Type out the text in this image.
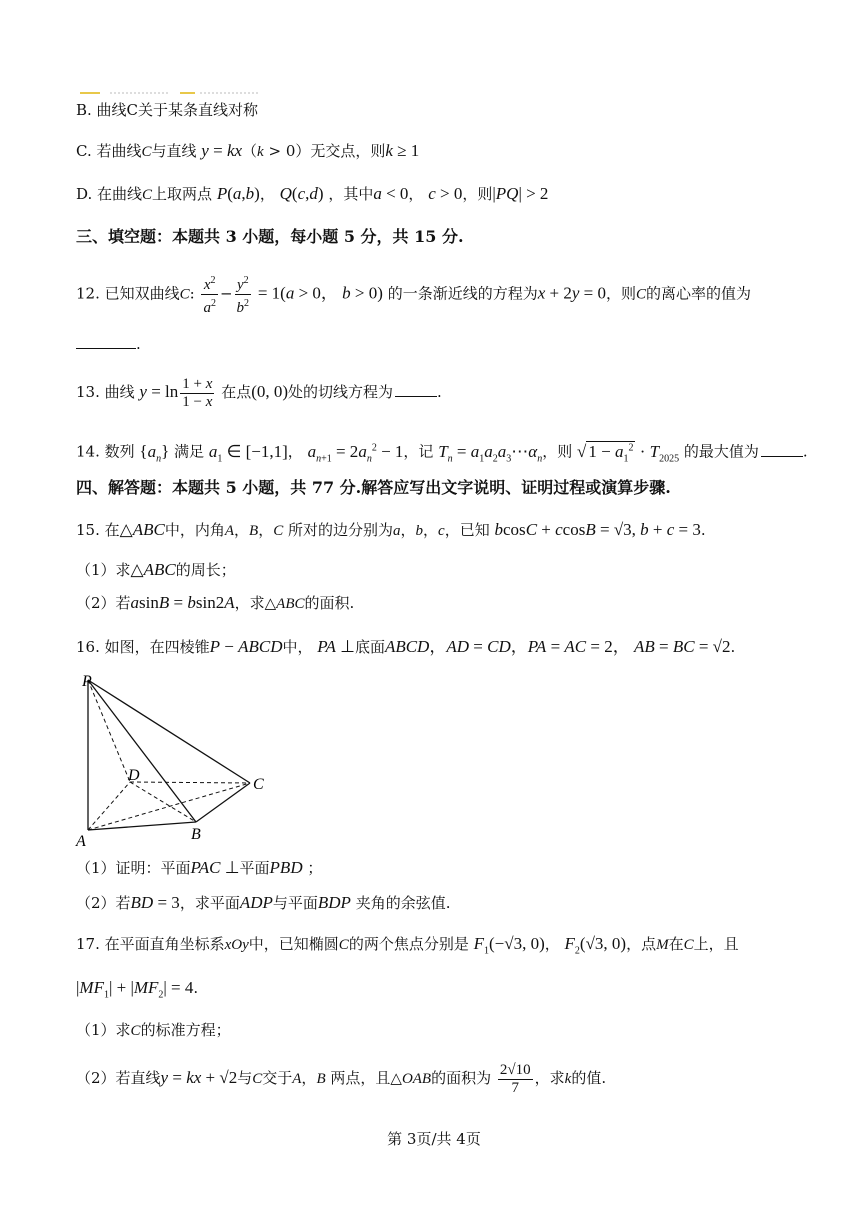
B. 曲线C关于某条直线对称
C. 若曲线C与直线 y = kx（k > 0）无交点，则k ≥ 1
D. 在曲线C上取两点 P(a,b)， Q(c,d) ，其中a < 0， c > 0，则|PQ| > 2
三、填空题：本题共 3 小题，每小题 5 分，共 15 分.
12. 已知双曲线C: $\frac{x^2}{a^2} - \frac{y^2}{b^2} = 1(a > 0$， b > 0) 的一条渐近线的方程为x + 2y = 0，则C的离心率的值为
.
13. 曲线 $y = \ln \frac{1 + x}{1 - x}$ 在点(0, 0)处的切线方程为	.
14. 数列 $\{a_n\}$ 满足 $a_1$ ∈ [−1,1]， $a_{n+1} = 2a_n^2 - 1$，记 $T_n$ = $a_1a_2a_3\cdots\alpha_n$，则 √ $1 - a_1^2 \cdot T_{2025}$ 的最大值为	.
四、解答题：本题共 5 小题，共 77 分.解答应写出文字说明、证明过程或演算步骤.
15. 在△ABC中，内角A，B，C 所对的边分别为a，b，c，已知 bcosC + ccosB = √3, b + c = 3.
（1）求△ABC的周长；
（2）若asinB = bsin2A，求△ABC的面积.
16. 如图，在四棱锥P − ABCD中， PA ⊥底面ABCD，AD = CD，PA = AC = 2， AB = BC = √2.
P
D
C
A	B
（1）证明：平面PAC ⊥平面PBD ；
（2）若BD = 3，求平面ADP与平面BDP 夹角的余弦值.
17. 在平面直角坐标系xOy中，已知椭圆C的两个焦点分别是 $F_1(-√3$, 0)， $F_2(√3$, 0)，点M在C上，且
$|MF_1| + |MF_2| = 4$.
（1）求C的标准方程；
（2）若直线y = kx + √2与C交于A，B 两点，且△OAB的面积为 $\frac{2√10}{7}$ ，求k的值.
第 3页/共 4页
